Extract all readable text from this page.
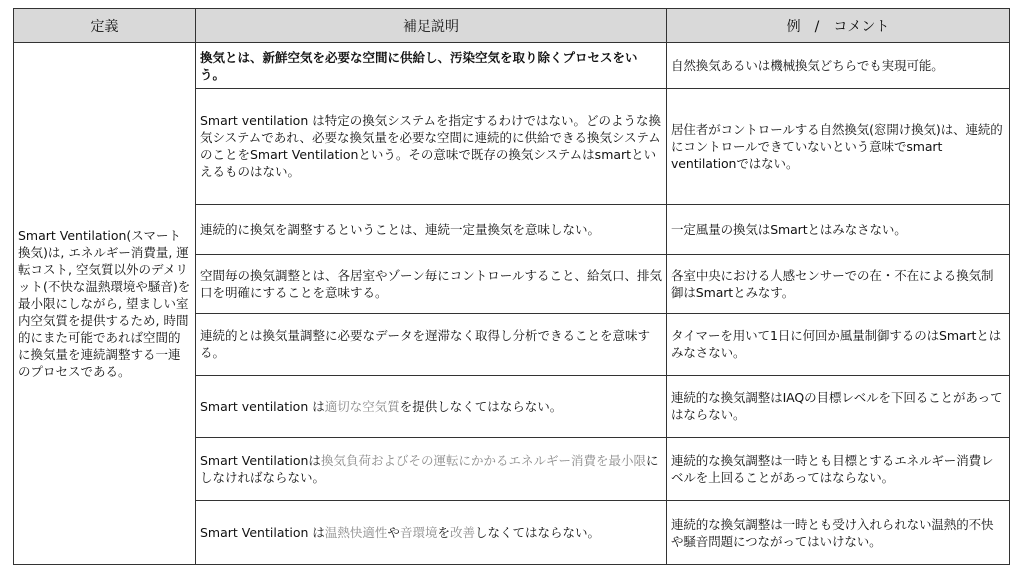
定義	補足説明	例 / コメント
Smart Ventilation(スマート換気)は, エネルギー消費量, 運転コスト, 空気質以外のデメリット(不快な温熱環境や騒音)を最小限にしながら, 望ましい室内空気質を提供するため, 時間的にまた可能であれば空間的に換気量を連続調整する一連のプロセスである。	換気とは、新鮮空気を必要な空間に供給し、汚染空気を取り除くプロセスをいう。	自然換気あるいは機械換気どちらでも実現可能。
	Smart ventilation は特定の換気システムを指定するわけではない。どのような換気システムであれ、必要な換気量を必要な空間に連続的に供給できる換気システムのことをSmart Ventilationという。その意味で既存の換気システムはsmartといえるものはない。	居住者がコントロールする自然換気(窓開け換気)は、連続的にコントロールできていないという意味でsmart ventilationではない。
	連続的に換気を調整するということは、連続一定量換気を意味しない。	一定風量の換気はSmartとはみなさない。
	空間毎の換気調整とは、各居室やゾーン毎にコントロールすること、給気口、排気口を明確にすることを意味する。	各室中央における人感センサーでの在・不在による換気制御はSmartとみなす。
	連続的とは換気量調整に必要なデータを遅滞なく取得し分析できることを意味する。	タイマーを用いて1日に何回か風量制御するのはSmartとはみなさない。
	Smart ventilation は適切な空気質を提供しなくてはならない。	連続的な換気調整はIAQの目標レベルを下回ることがあってはならない。
	Smart Ventilationは換気負荷およびその運転にかかるエネルギー消費を最小限にしなければならない。	連続的な換気調整は一時とも目標とするエネルギー消費レベルを上回ることがあってはならない。
	Smart Ventilation は温熱快適性や音環境を改善しなくてはならない。	連続的な換気調整は一時とも受け入れられない温熱的不快や騒音問題につながってはいけない。
